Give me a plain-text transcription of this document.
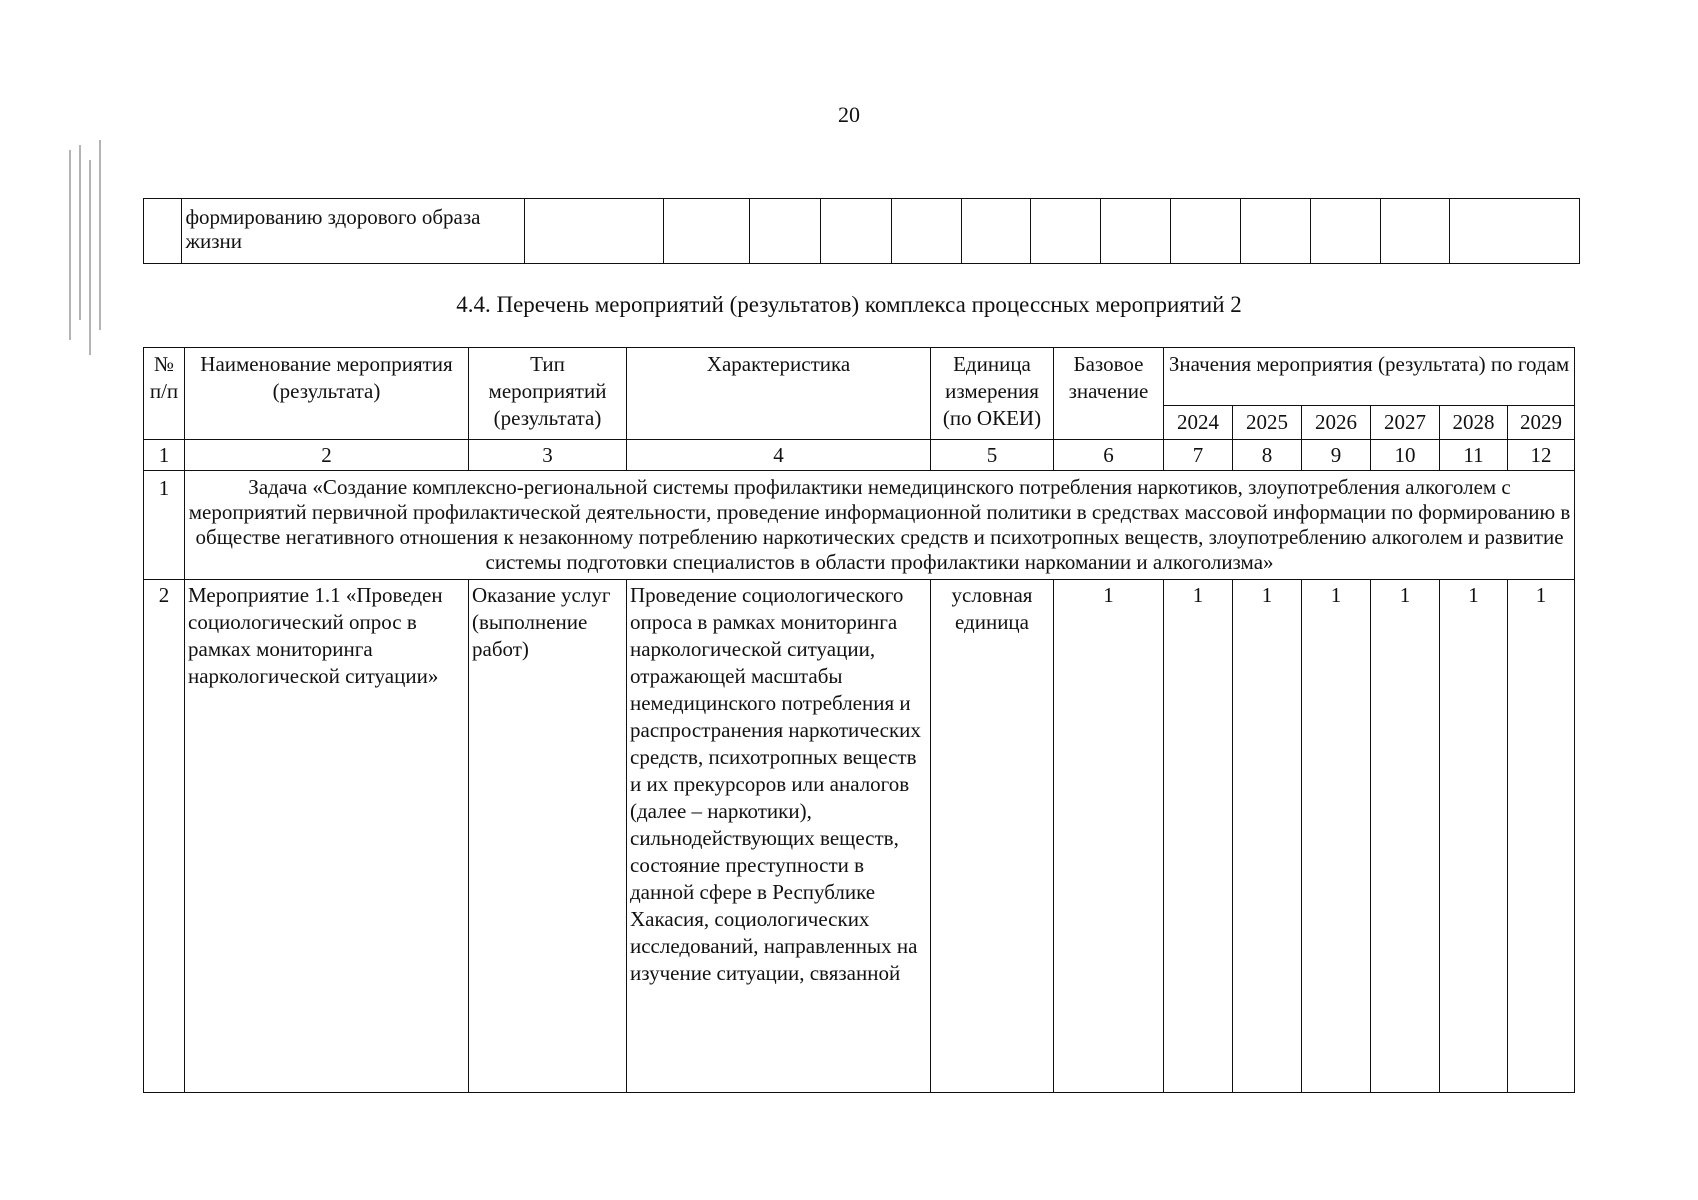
20
	формированию здорового образа жизни													
4.4. Перечень мероприятий (результатов) комплекса процессных мероприятий 2
№ п/п	Наименование мероприятия (результата)	Тип мероприятий (результата)	Характеристика	Единица измерения (по ОКЕИ)	Базовое значение	Значения мероприятия (результата) по годам					
						2024	2025	2026	2027	2028	2029
1	2	3	4	5	6	7	8	9	10	11	12
1	Задача «Создание комплексно-региональной системы профилактики немедицинского потребления наркотиков, злоупотребления алкоголем с мероприятий первичной профилактической деятельности, проведение информационной политики в средствах массовой информации по формированию в обществе негативного отношения к незаконному потреблению наркотических средств и психотропных веществ, злоупотреблению алкоголем и развитие системы подготовки специалистов в области профилактики наркомании и алкоголизма»										
2	Мероприятие 1.1 «Проведен социологический опрос в рамках мониторинга наркологической ситуации»	Оказание услуг (выполнение работ)	Проведение социологического опроса в рамках мониторинга наркологической ситуации, отражающей масштабы немедицинского потребления и распространения наркотических средств, психотропных веществ и их прекурсоров или аналогов (далее – наркотики), сильнодействующих веществ, состояние преступности в данной сфере в Республике Хакасия, социологических исследований, направленных на изучение ситуации, связанной	условная единица	1	1	1	1	1	1	1
